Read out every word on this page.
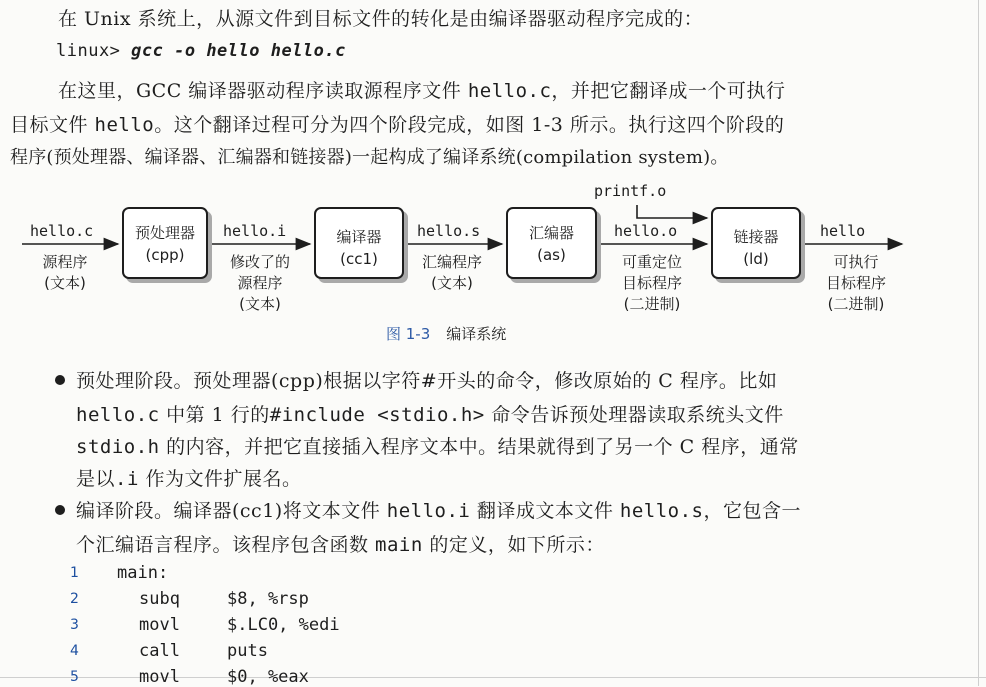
在 Unix 系统上，从源文件到目标文件的转化是由编译器驱动程序完成的：
linux> gcc -o hello hello.c
在这里，GCC 编译器驱动程序读取源程序文件 hello.c，并把它翻译成一个可执行
目标文件 hello。这个翻译过程可分为四个阶段完成，如图 1-3 所示。执行这四个阶段的
程序(预处理器、编译器、汇编器和链接器)一起构成了编译系统(compilation system)。
printf.o
预处理器
(cpp)
编译器
(cc1)
汇编器
(as)
链接器
(ld)
hello.c	hello.i	hello.s	hello.o	hello
源程序
(文本)
修改了的
源程序
(文本)
汇编程序
(文本)
可重定位
目标程序
(二进制)
可执行
目标程序
(二进制)
图 1-3 编译系统
预处理阶段。预处理器(cpp)根据以字符#开头的命令，修改原始的 C 程序。比如
hello.c 中第 1 行的#include <stdio.h> 命令告诉预处理器读取系统头文件
stdio.h 的内容，并把它直接插入程序文本中。结果就得到了另一个 C 程序，通常
是以.i 作为文件扩展名。
编译阶段。编译器(cc1)将文本文件 hello.i 翻译成文本文件 hello.s，它包含一
个汇编语言程序。该程序包含函数 main 的定义，如下所示：
1 main:
2	subq	$8, %rsp
3	movl	$.LC0, %edi
4	call	puts
5	movl	$0, %eax
